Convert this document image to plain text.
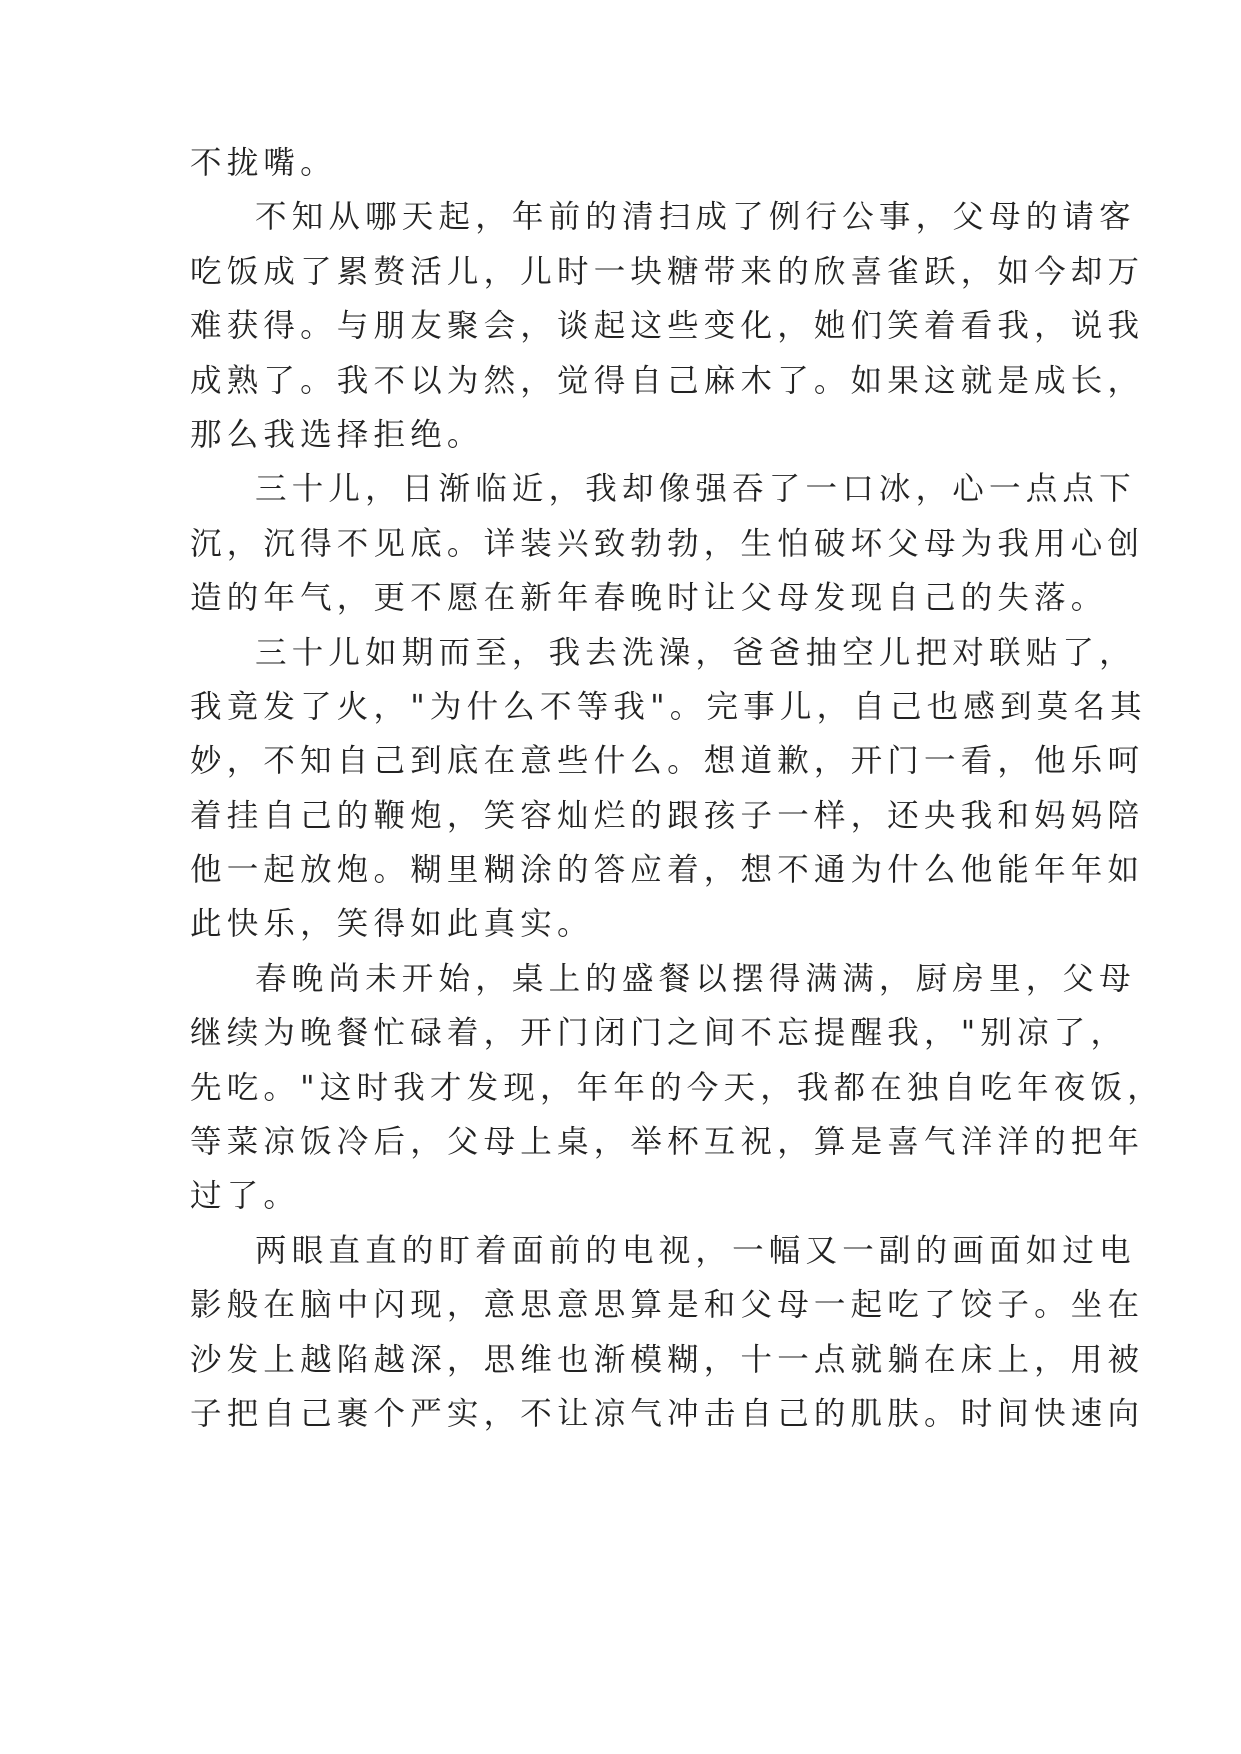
不拢嘴。
不知从哪天起，年前的清扫成了例行公事，父母的请客
吃饭成了累赘活儿，儿时一块糖带来的欣喜雀跃，如今却万
难获得。与朋友聚会，谈起这些变化，她们笑着看我，说我
成熟了。我不以为然，觉得自己麻木了。如果这就是成长，
那么我选择拒绝。
三十儿，日渐临近，我却像强吞了一口冰，心一点点下
沉，沉得不见底。详装兴致勃勃，生怕破坏父母为我用心创
造的年气，更不愿在新年春晚时让父母发现自己的失落。
三十儿如期而至，我去洗澡，爸爸抽空儿把对联贴了，
我竟发了火，"为什么不等我"。完事儿，自己也感到莫名其
妙，不知自己到底在意些什么。想道歉，开门一看，他乐呵
着挂自己的鞭炮，笑容灿烂的跟孩子一样，还央我和妈妈陪
他一起放炮。糊里糊涂的答应着，想不通为什么他能年年如
此快乐，笑得如此真实。
春晚尚未开始，桌上的盛餐以摆得满满，厨房里，父母
继续为晚餐忙碌着，开门闭门之间不忘提醒我，"别凉了，
先吃。"这时我才发现，年年的今天，我都在独自吃年夜饭，
等菜凉饭冷后，父母上桌，举杯互祝，算是喜气洋洋的把年
过了。
两眼直直的盯着面前的电视，一幅又一副的画面如过电
影般在脑中闪现，意思意思算是和父母一起吃了饺子。坐在
沙发上越陷越深，思维也渐模糊，十一点就躺在床上，用被
子把自己裹个严实，不让凉气冲击自己的肌肤。时间快速向
